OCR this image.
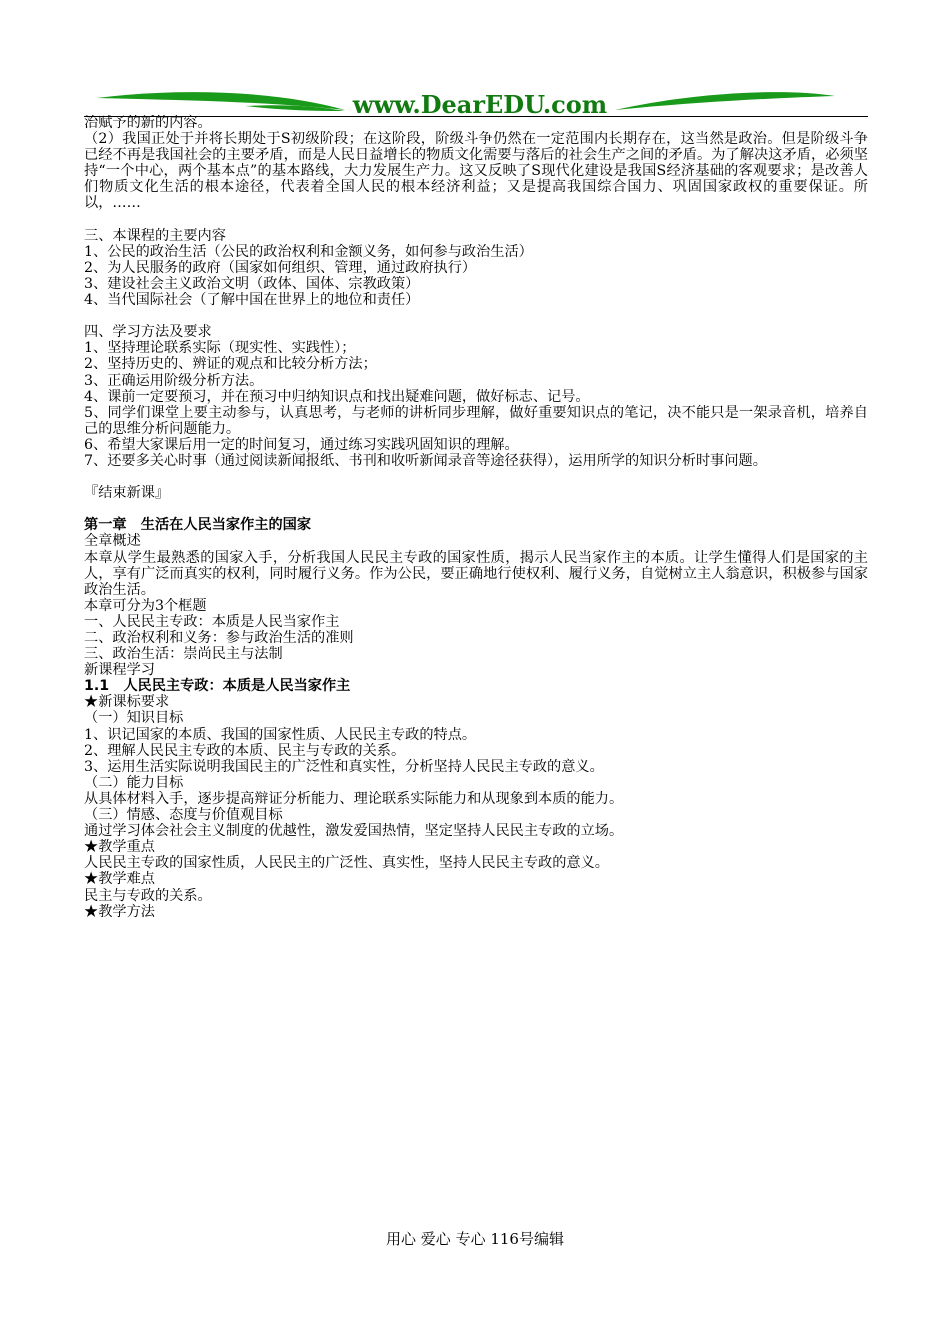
www.DearEDU.com

治赋予的新的内容。

（2）我国正处于并将长期处于S初级阶段；在这阶段，阶级斗争仍然在一定范围内长期存在，这当然是政治。但是阶级斗争已经不再是我国社会的主要矛盾，而是人民日益增长的物质文化需要与落后的社会生产之间的矛盾。为了解决这矛盾，必须坚持“一个中心，两个基本点”的基本路线，大力发展生产力。这又反映了S现代化建设是我国S经济基础的客观要求；是改善人们物质文化生活的根本途径，代表着全国人民的根本经济利益；又是提高我国综合国力、巩固国家政权的重要保证。所以，……

三、本课程的主要内容

1、公民的政治生活（公民的政治权利和金额义务，如何参与政治生活）

2、为人民服务的政府（国家如何组织、管理，通过政府执行）

3、建设社会主义政治文明（政体、国体、宗教政策）

4、当代国际社会（了解中国在世界上的地位和责任）

四、学习方法及要求

1、坚持理论联系实际（现实性、实践性）；

2、坚持历史的、辨证的观点和比较分析方法；

3、正确运用阶级分析方法。

4、课前一定要预习，并在预习中归纳知识点和找出疑难问题，做好标志、记号。

5、同学们课堂上要主动参与，认真思考，与老师的讲析同步理解，做好重要知识点的笔记，决不能只是一架录音机，培养自己的思维分析问题能力。

6、希望大家课后用一定的时间复习，通过练习实践巩固知识的理解。

7、还要多关心时事（通过阅读新闻报纸、书刊和收听新闻录音等途径获得），运用所学的知识分析时事问题。

『结束新课』

第一章　生活在人民当家作主的国家

全章概述

本章从学生最熟悉的国家入手，分析我国人民民主专政的国家性质，揭示人民当家作主的本质。让学生懂得人们是国家的主人，享有广泛而真实的权利，同时履行义务。作为公民，要正确地行使权利、履行义务，自觉树立主人翁意识，积极参与国家政治生活。

本章可分为3个框题

一、人民民主专政：本质是人民当家作主

二、政治权利和义务：参与政治生活的准则

三、政治生活：崇尚民主与法制

新课程学习

1.1　人民民主专政：本质是人民当家作主

★新课标要求

（一）知识目标

1、识记国家的本质、我国的国家性质、人民民主专政的特点。

2、理解人民民主专政的本质、民主与专政的关系。

3、运用生活实际说明我国民主的广泛性和真实性，分析坚持人民民主专政的意义。

（二）能力目标

从具体材料入手，逐步提高辩证分析能力、理论联系实际能力和从现象到本质的能力。

（三）情感、态度与价值观目标

通过学习体会社会主义制度的优越性，激发爱国热情，坚定坚持人民民主专政的立场。

★教学重点

人民民主专政的国家性质，人民民主的广泛性、真实性，坚持人民民主专政的意义。

★教学难点

民主与专政的关系。

★教学方法

用心 爱心 专心 116号编辑
